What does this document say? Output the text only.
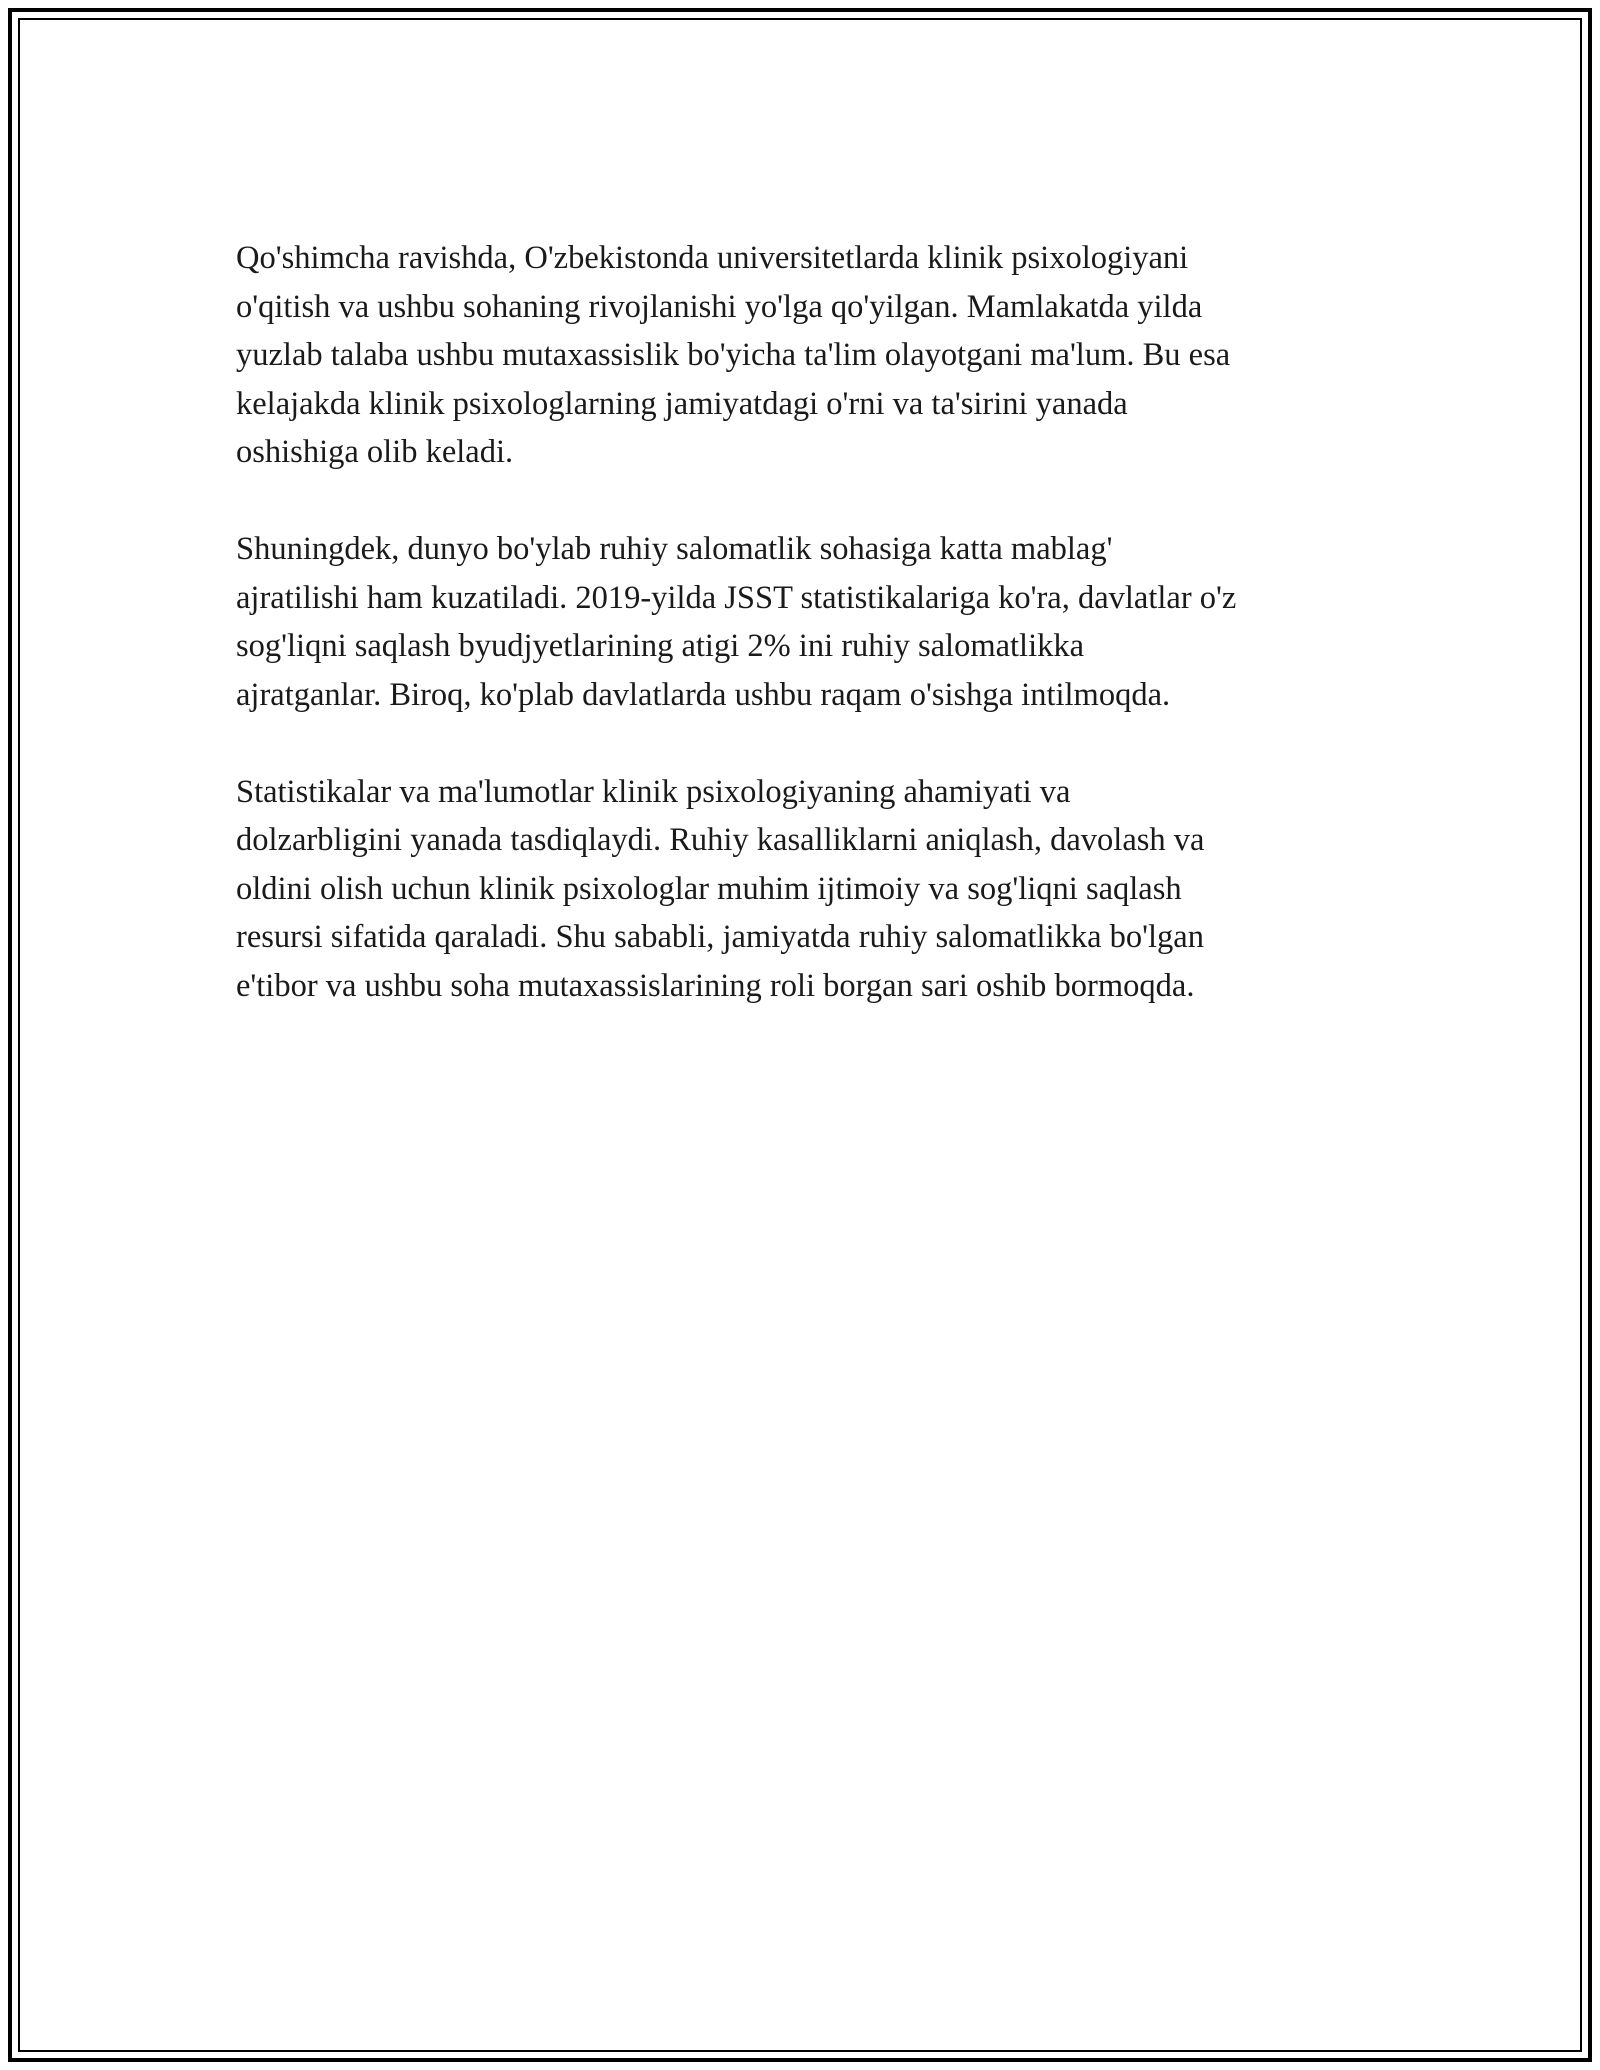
Qo'shimcha ravishda, O'zbekistonda universitetlarda klinik psixologiyani
o'qitish va ushbu sohaning rivojlanishi yo'lga qo'yilgan. Mamlakatda yilda
yuzlab talaba ushbu mutaxassislik bo'yicha ta'lim olayotgani ma'lum. Bu esa
kelajakda klinik psixologlarning jamiyatdagi o'rni va ta'sirini yanada
oshishiga olib keladi.

Shuningdek, dunyo bo'ylab ruhiy salomatlik sohasiga katta mablag'
ajratilishi ham kuzatiladi. 2019-yilda JSST statistikalariga ko'ra, davlatlar o'z
sog'liqni saqlash byudjyetlarining atigi 2% ini ruhiy salomatlikka
ajratganlar. Biroq, ko'plab davlatlarda ushbu raqam o'sishga intilmoqda.

Statistikalar va ma'lumotlar klinik psixologiyaning ahamiyati va
dolzarbligini yanada tasdiqlaydi. Ruhiy kasalliklarni aniqlash, davolash va
oldini olish uchun klinik psixologlar muhim ijtimoiy va sog'liqni saqlash
resursi sifatida qaraladi. Shu sababli, jamiyatda ruhiy salomatlikka bo'lgan
e'tibor va ushbu soha mutaxassislarining roli borgan sari oshib bormoqda.
